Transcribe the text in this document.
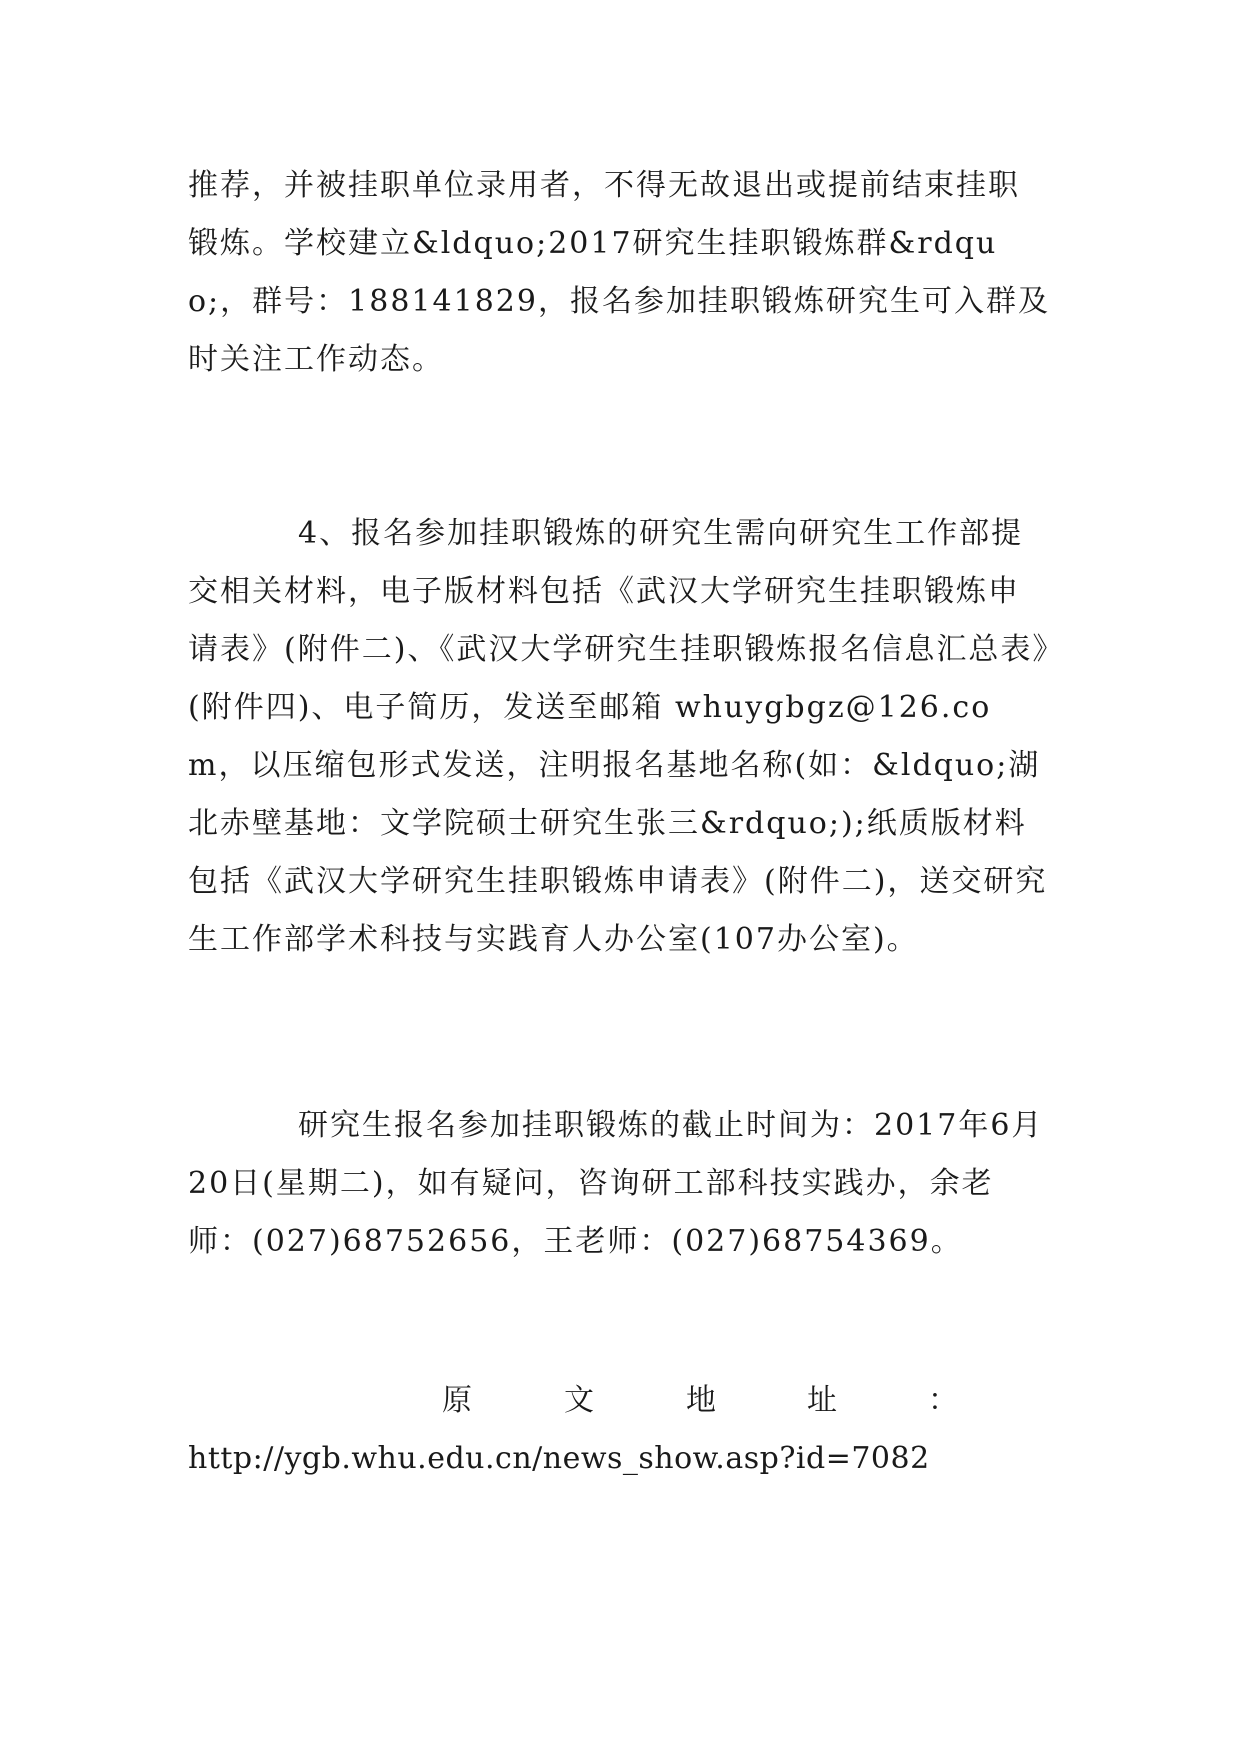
推荐，并被挂职单位录用者，不得无故退出或提前结束挂职锻炼。学校建立&ldquo;2017研究生挂职锻炼群&rdquo;，群号：188141829，报名参加挂职锻炼研究生可入群及时关注工作动态。

4、报名参加挂职锻炼的研究生需向研究生工作部提交相关材料，电子版材料包括《武汉大学研究生挂职锻炼申请表》(附件二)、《武汉大学研究生挂职锻炼报名信息汇总表》(附件四)、电子简历，发送至邮箱 whuygbgz@126.com，以压缩包形式发送，注明报名基地名称(如：&ldquo;湖北赤壁基地：文学院硕士研究生张三&rdquo;);纸质版材料包括《武汉大学研究生挂职锻炼申请表》(附件二)，送交研究生工作部学术科技与实践育人办公室(107办公室)。

研究生报名参加挂职锻炼的截止时间为：2017年6月20日(星期二)，如有疑问，咨询研工部科技实践办，余老师：(027)68752656，王老师：(027)68754369。

原	文	地	址	：

http://ygb.whu.edu.cn/news_show.asp?id=7082
